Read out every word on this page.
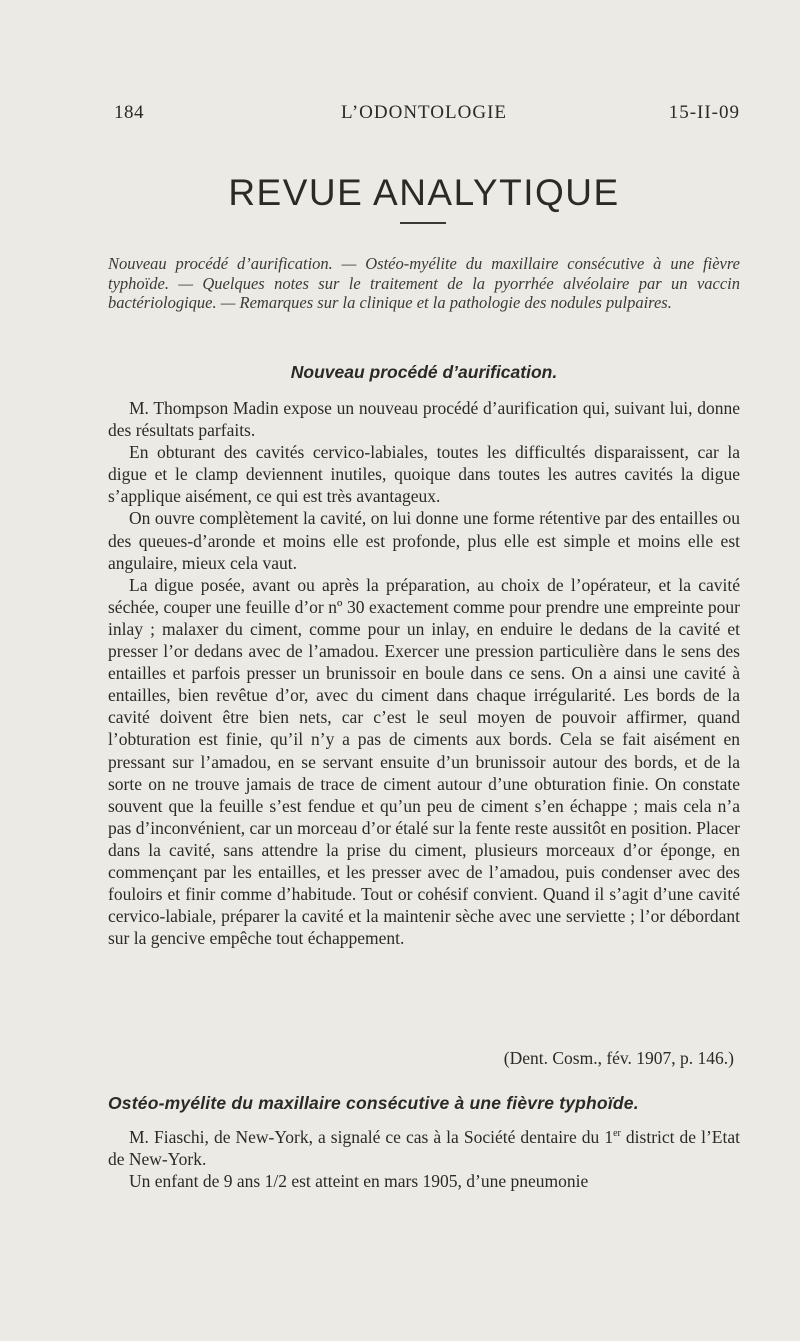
184	L’ODONTOLOGIE	15-II-09
REVUE ANALYTIQUE

Nouveau procédé d’aurification. — Ostéo-myélite du maxillaire consécutive à une fièvre typhoïde. — Quelques notes sur le traitement de la pyorrhée alvéolaire par un vaccin bactériologique. — Remarques sur la clinique et la pathologie des nodules pulpaires.

Nouveau procédé d’aurification.

M. Thompson Madin expose un nouveau procédé d’aurification qui, suivant lui, donne des résultats parfaits.

En obturant des cavités cervico-labiales, toutes les difficultés disparaissent, car la digue et le clamp deviennent inutiles, quoique dans toutes les autres cavités la digue s’applique aisément, ce qui est très avantageux.

On ouvre complètement la cavité, on lui donne une forme rétentive par des entailles ou des queues-d’aronde et moins elle est profonde, plus elle est simple et moins elle est angulaire, mieux cela vaut.

La digue posée, avant ou après la préparation, au choix de l’opérateur, et la cavité séchée, couper une feuille d’or nº 30 exactement comme pour prendre une empreinte pour inlay ; malaxer du ciment, comme pour un inlay, en enduire le dedans de la cavité et presser l’or dedans avec de l’amadou. Exercer une pression particulière dans le sens des entailles et parfois presser un brunissoir en boule dans ce sens. On a ainsi une cavité à entailles, bien revêtue d’or, avec du ciment dans chaque irrégularité. Les bords de la cavité doivent être bien nets, car c’est le seul moyen de pouvoir affirmer, quand l’obturation est finie, qu’il n’y a pas de ciments aux bords. Cela se fait aisément en pressant sur l’amadou, en se servant ensuite d’un brunissoir autour des bords, et de la sorte on ne trouve jamais de trace de ciment autour d’une obturation finie. On constate souvent que la feuille s’est fendue et qu’un peu de ciment s’en échappe ; mais cela n’a pas d’inconvénient, car un morceau d’or étalé sur la fente reste aussitôt en position. Placer dans la cavité, sans attendre la prise du ciment, plusieurs morceaux d’or éponge, en commençant par les entailles, et les presser avec de l’amadou, puis condenser avec des fouloirs et finir comme d’habitude. Tout or cohésif convient. Quand il s’agit d’une cavité cervico-labiale, préparer la cavité et la maintenir sèche avec une serviette ; l’or débordant sur la gencive empêche tout échappement.

(Dent. Cosm., fév. 1907, p. 146.)
Ostéo-myélite du maxillaire consécutive à une fièvre typhoïde.

M. Fiaschi, de New-York, a signalé ce cas à la Société dentaire du 1er district de l’Etat de New-York.

Un enfant de 9 ans 1/2 est atteint en mars 1905, d’une pneumonie
